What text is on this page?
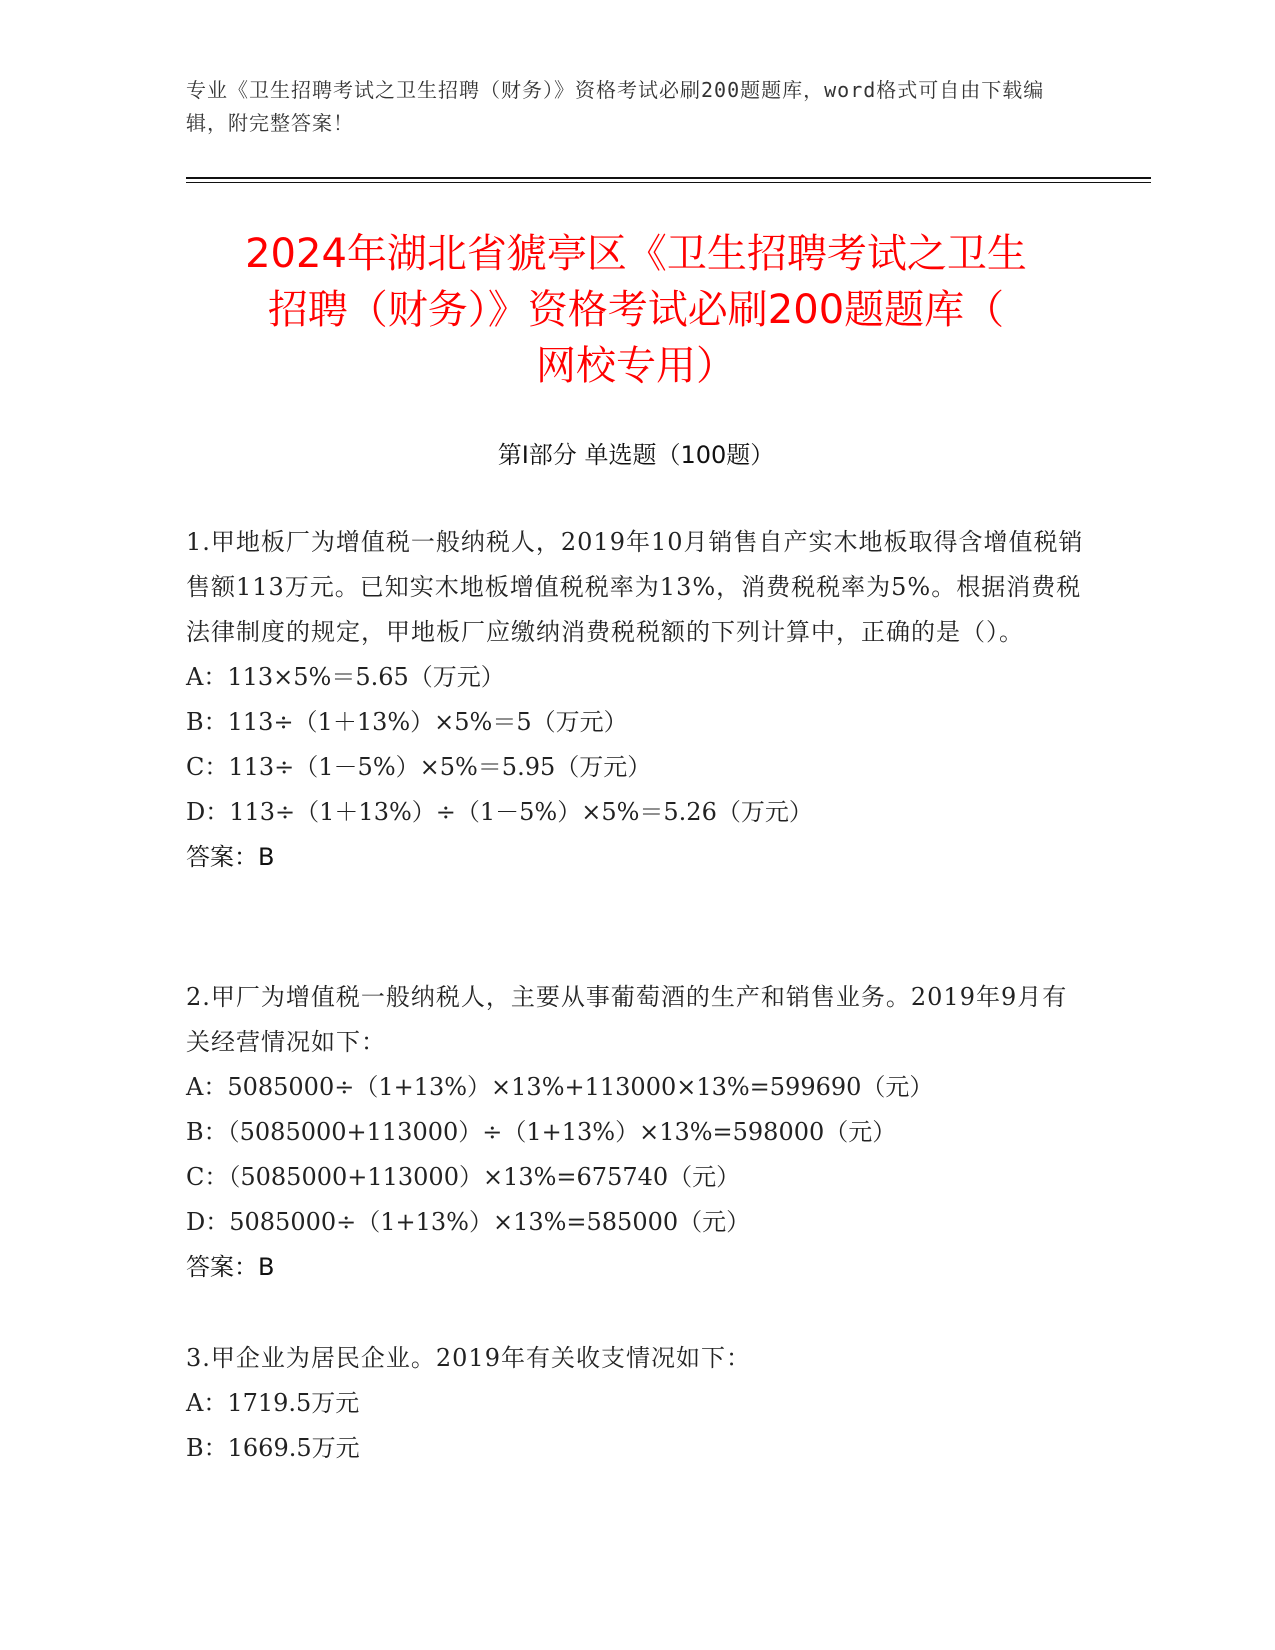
专业《卫生招聘考试之卫生招聘（财务）》资格考试必刷200题题库，word格式可自由下载编辑，附完整答案！
2024年湖北省猇亭区《卫生招聘考试之卫生
招聘（财务）》资格考试必刷200题题库（
网校专用）
第I部分 单选题（100题）

1.甲地板厂为增值税一般纳税人，2019年10月销售自产实木地板取得含增值税销售额113万元。已知实木地板增值税税率为13%，消费税税率为5%。根据消费税法律制度的规定，甲地板厂应缴纳消费税税额的下列计算中，正确的是（）。

A：113×5%＝5.65（万元）

B：113÷（1＋13%）×5%＝5（万元）

C：113÷（1－5%）×5%＝5.95（万元）

D：113÷（1＋13%）÷（1－5%）×5%＝5.26（万元）

答案：B

2.甲厂为增值税一般纳税人，主要从事葡萄酒的生产和销售业务。2019年9月有关经营情况如下：

A：5085000÷（1+13%）×13%+113000×13%=599690（元）

B：（5085000+113000）÷（1+13%）×13%=598000（元）

C：（5085000+113000）×13%=675740（元）

D：5085000÷（1+13%）×13%=585000（元）

答案：B

3.甲企业为居民企业。2019年有关收支情况如下：

A：1719.5万元

B：1669.5万元
